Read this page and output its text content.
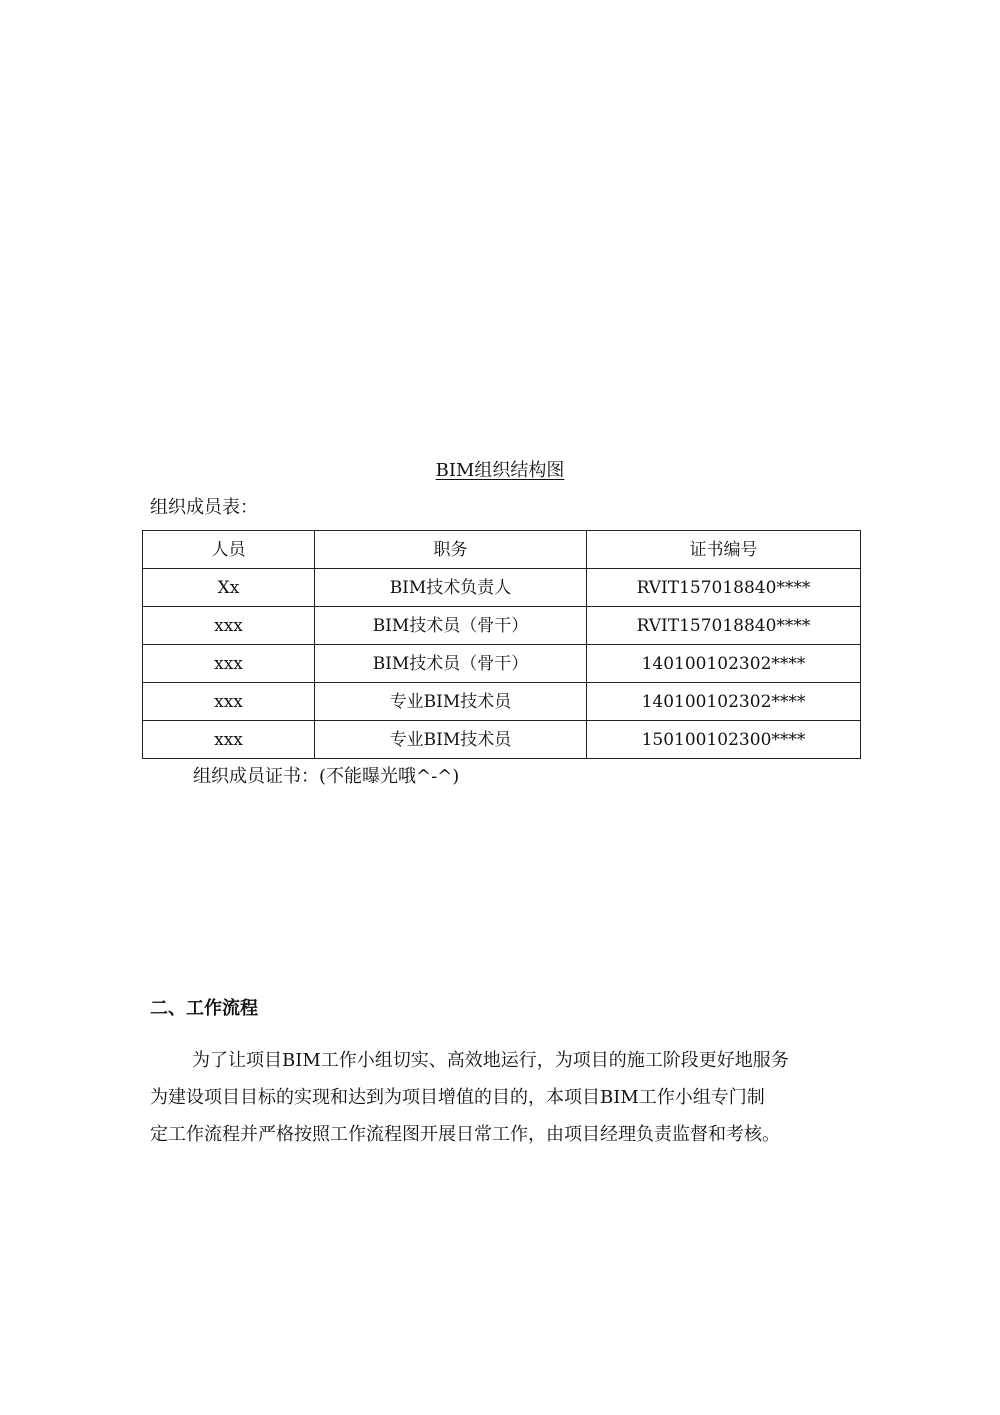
BIM组织结构图
组织成员表：
人员	职务	证书编号
Xx	BIM技术负责人	RVIT157018840****
xxx	BIM技术员（骨干）	RVIT157018840****
xxx	BIM技术员（骨干）	140100102302****
xxx	专业BIM技术员	140100102302****
xxx	专业BIM技术员	150100102300****
组织成员证书：(不能曝光哦^-^)
二、工作流程

为了让项目BIM工作小组切实、高效地运行，为项目的施工阶段更好地服务

为建设项目目标的实现和达到为项目增值的目的，本项目BIM工作小组专门制

定工作流程并严格按照工作流程图开展日常工作，由项目经理负责监督和考核。
